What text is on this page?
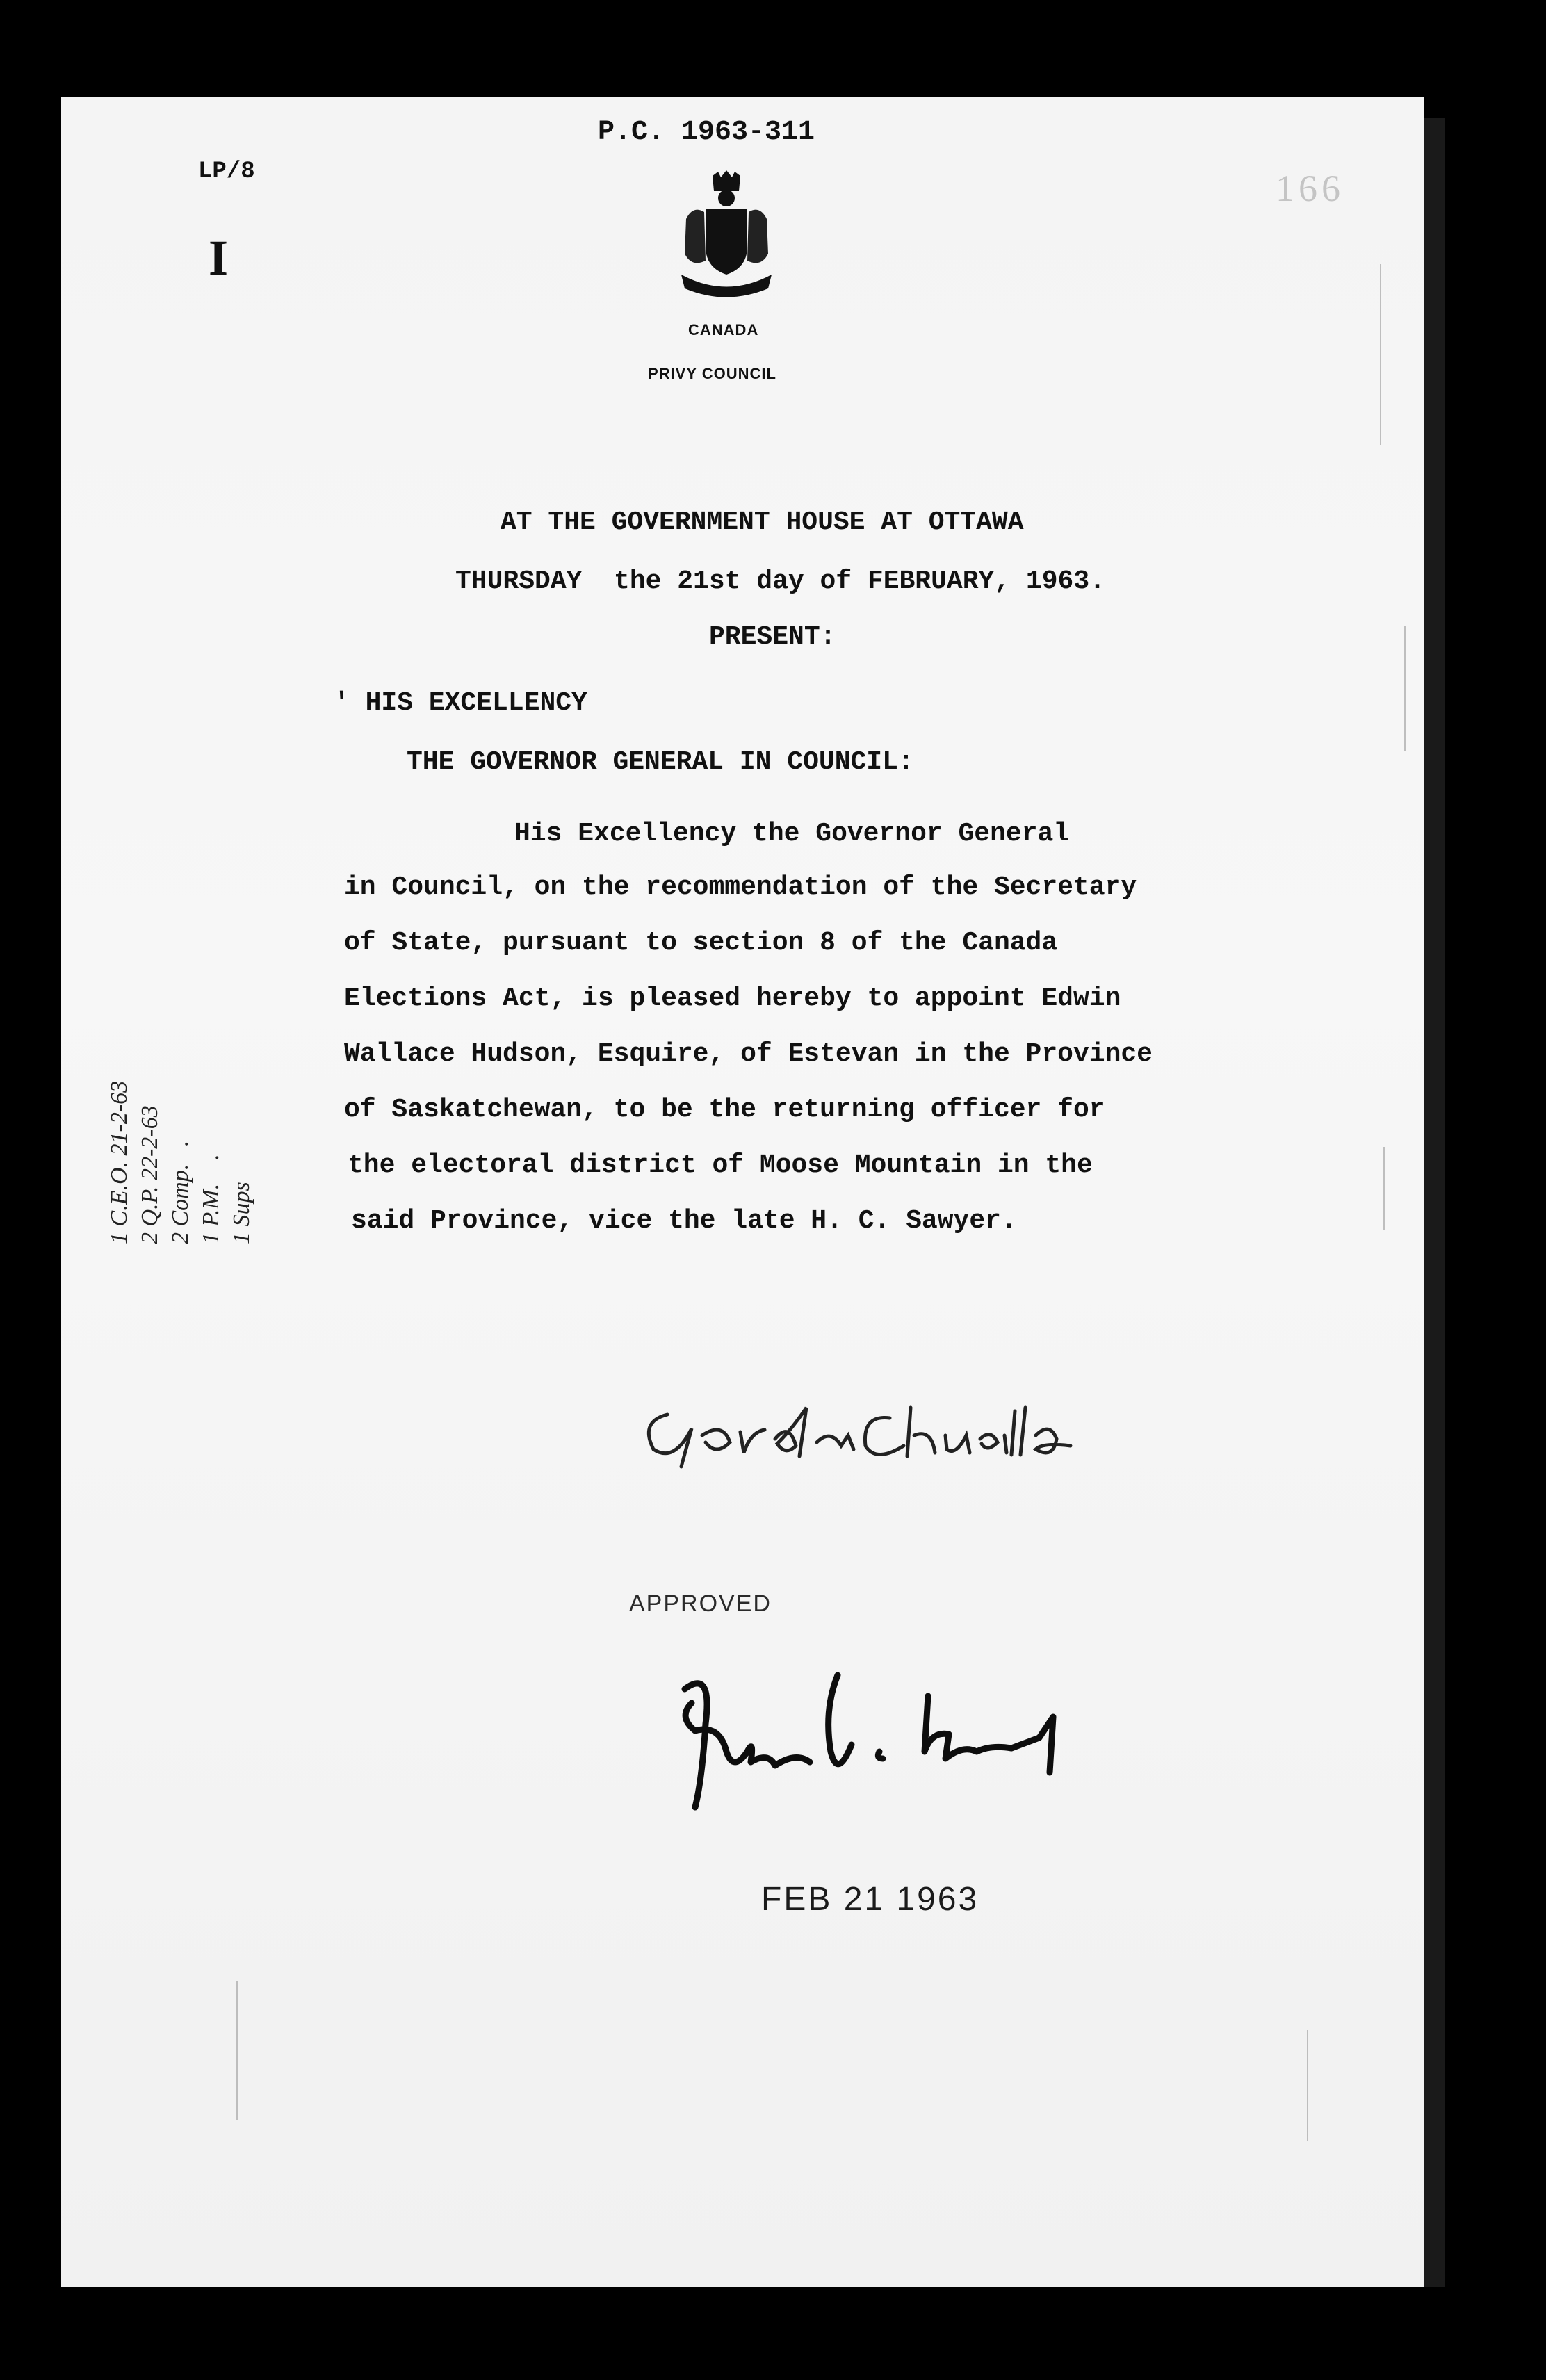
P.C. 1963-311
LP/8
I
166
CANADA
PRIVY COUNCIL
AT THE GOVERNMENT HOUSE AT OTTAWA
THURSDAY  the 21st day of FEBRUARY, 1963.
PRESENT:
' HIS EXCELLENCY
THE GOVERNOR GENERAL IN COUNCIL:
His Excellency the Governor General
in Council, on the recommendation of the Secretary
of State, pursuant to section 8 of the Canada
Elections Act, is pleased hereby to appoint Edwin
Wallace Hudson, Esquire, of Estevan in the Province
of Saskatchewan, to be the returning officer for
the electoral district of Moose Mountain in the
said Province, vice the late H. C. Sawyer.
1 C.E.O. 21-2-63 2 Q.P. 22-2-63 2 Comp.   . 1 P.M.    . 1 Sups
APPROVED
FEB 21 1963
